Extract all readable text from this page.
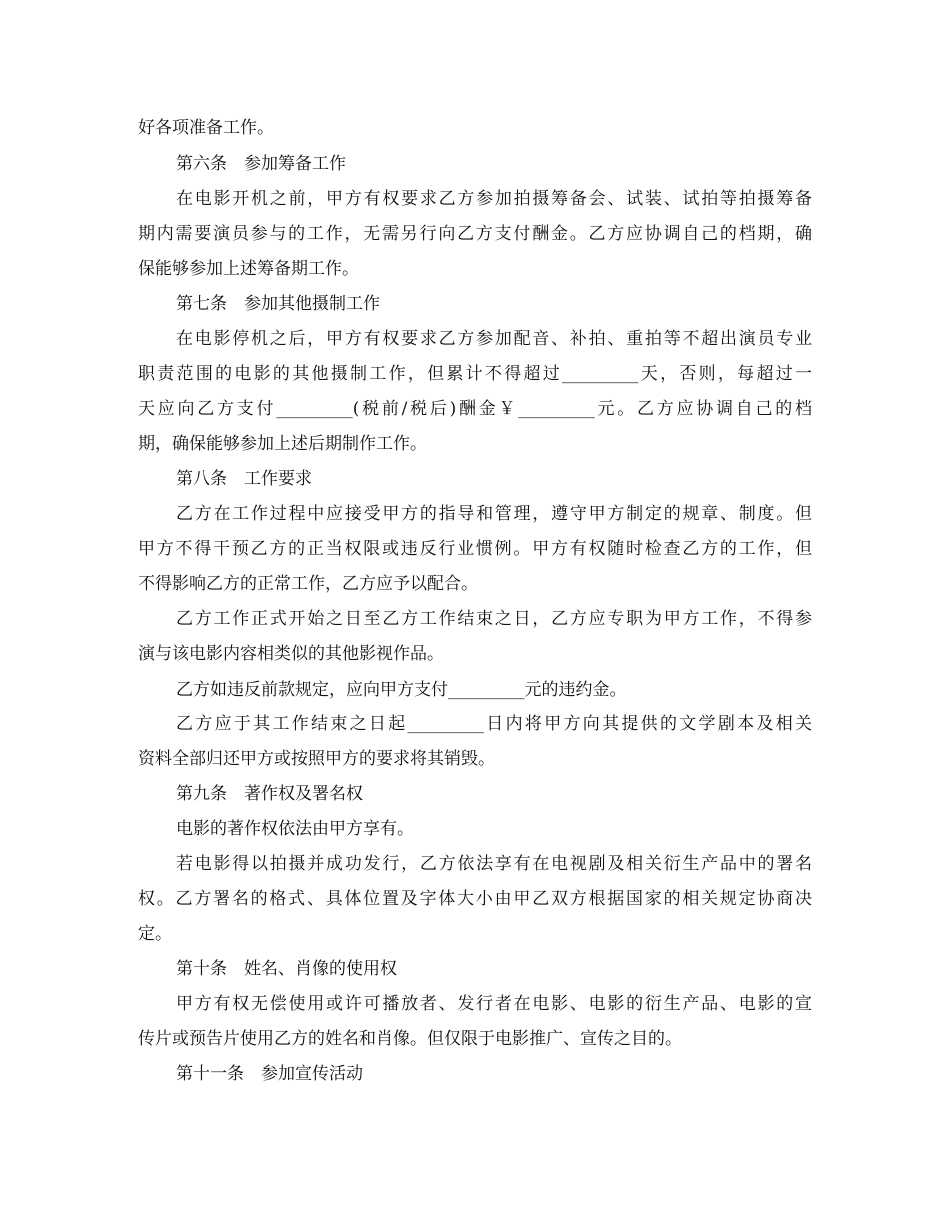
好各项准备工作。
第六条　参加筹备工作
在电影开机之前，甲方有权要求乙方参加拍摄筹备会、试装、试拍等拍摄筹备
期内需要演员参与的工作，无需另行向乙方支付酬金。乙方应协调自己的档期，确
保能够参加上述筹备期工作。
第七条　参加其他摄制工作
在电影停机之后，甲方有权要求乙方参加配音、补拍、重拍等不超出演员专业
职责范围的电影的其他摄制工作，但累计不得超过_________天，否则，每超过一
天应向乙方支付_________(税前/税后)酬金￥_________元。乙方应协调自己的档
期，确保能够参加上述后期制作工作。
第八条　工作要求
乙方在工作过程中应接受甲方的指导和管理，遵守甲方制定的规章、制度。但
甲方不得干预乙方的正当权限或违反行业惯例。甲方有权随时检查乙方的工作，但
不得影响乙方的正常工作，乙方应予以配合。
乙方工作正式开始之日至乙方工作结束之日，乙方应专职为甲方工作，不得参
演与该电影内容相类似的其他影视作品。
乙方如违反前款规定，应向甲方支付_________元的违约金。
乙方应于其工作结束之日起_________日内将甲方向其提供的文学剧本及相关
资料全部归还甲方或按照甲方的要求将其销毁。
第九条　著作权及署名权
电影的著作权依法由甲方享有。
若电影得以拍摄并成功发行，乙方依法享有在电视剧及相关衍生产品中的署名
权。乙方署名的格式、具体位置及字体大小由甲乙双方根据国家的相关规定协商决
定。
第十条　姓名、肖像的使用权
甲方有权无偿使用或许可播放者、发行者在电影、电影的衍生产品、电影的宣
传片或预告片使用乙方的姓名和肖像。但仅限于电影推广、宣传之目的。
第十一条　参加宣传活动
